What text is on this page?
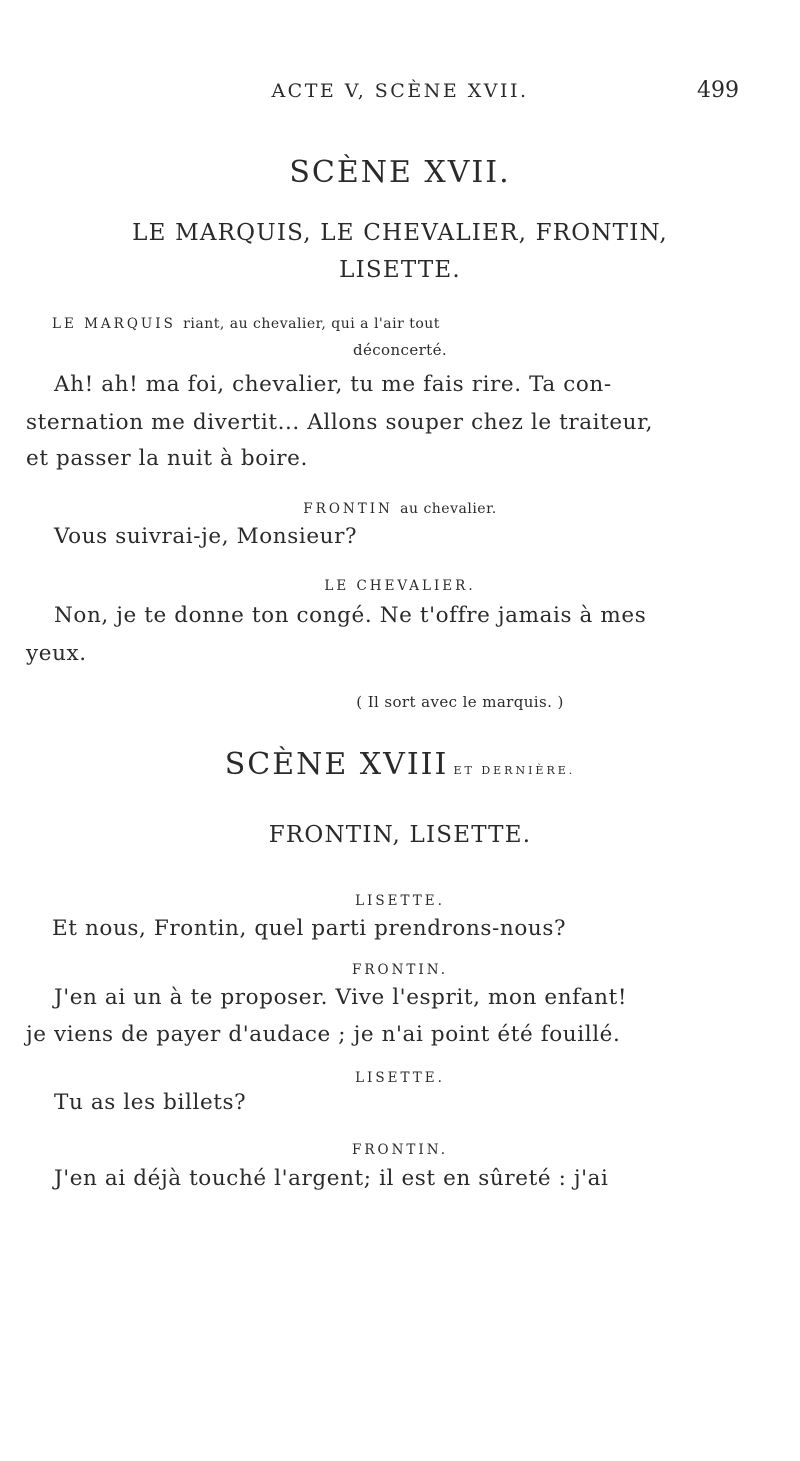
ACTE V, SCÈNE XVII.	499
SCÈNE XVII.
LE MARQUIS, LE CHEVALIER, FRONTIN,
LISETTE.
LE MARQUIS riant, au chevalier, qui a l'air tout
déconcerté.
Ah! ah! ma foi, chevalier, tu me fais rire. Ta con-
sternation me divertit... Allons souper chez le traiteur,
et passer la nuit à boire.
FRONTIN au chevalier.
Vous suivrai-je, Monsieur?
LE CHEVALIER.
Non, je te donne ton congé. Ne t'offre jamais à mes
yeux.
( Il sort avec le marquis. )
SCÈNE XVIII ET DERNIÈRE.
FRONTIN, LISETTE.
LISETTE.
Et nous, Frontin, quel parti prendrons-nous?
FRONTIN.
J'en ai un à te proposer. Vive l'esprit, mon enfant!
je viens de payer d'audace ; je n'ai point été fouillé.
LISETTE.
Tu as les billets?
FRONTIN.
J'en ai déjà touché l'argent; il est en sûreté : j'ai
